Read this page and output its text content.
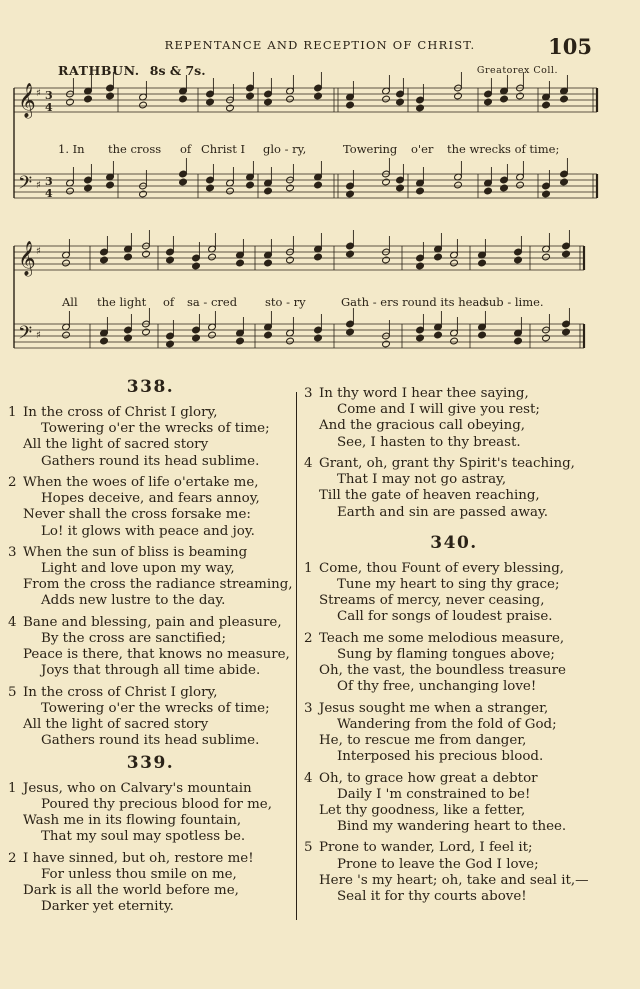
REPENTANCE AND RECEPTION OF CHRIST.	105
RATHBUN. 8s & 7s.	Greatorex Coll.
𝄞
𝄢
♯
♯
3
4
3
4
𝄞
𝄢
♯
♯
1. In the cross of Christ I glo - ry,	Towering o'er the wrecks of time;
All the light of sa - cred sto - ry	Gath - ers round its head
sub - lime.
338.
1 In the cross of Christ I glory,
Towering o'er the wrecks of time;
All the light of sacred story
Gathers round its head sublime.
2 When the woes of life o'ertake me,
Hopes deceive, and fears annoy,
Never shall the cross forsake me:
Lo! it glows with peace and joy.
3 When the sun of bliss is beaming
Light and love upon my way,
From the cross the radiance streaming,
Adds new lustre to the day.
4 Bane and blessing, pain and pleasure,
By the cross are sanctified;
Peace is there, that knows no measure,
Joys that through all time abide.
5 In the cross of Christ I glory,
Towering o'er the wrecks of time;
All the light of sacred story
Gathers round its head sublime.
339.
1 Jesus, who on Calvary's mountain
Poured thy precious blood for me,
Wash me in its flowing fountain,
That my soul may spotless be.
2 I have sinned, but oh, restore me!
For unless thou smile on me,
Dark is all the world before me,
Darker yet eternity.
3 In thy word I hear thee saying,
Come and I will give you rest;
And the gracious call obeying,
See, I hasten to thy breast.
4 Grant, oh, grant thy Spirit's teaching,
That I may not go astray,
Till the gate of heaven reaching,
Earth and sin are passed away.
340.
1 Come, thou Fount of every blessing,
Tune my heart to sing thy grace;
Streams of mercy, never ceasing,
Call for songs of loudest praise.
2 Teach me some melodious measure,
Sung by flaming tongues above;
Oh, the vast, the boundless treasure
Of thy free, unchanging love!
3 Jesus sought me when a stranger,
Wandering from the fold of God;
He, to rescue me from danger,
Interposed his precious blood.
4 Oh, to grace how great a debtor
Daily I 'm constrained to be!
Let thy goodness, like a fetter,
Bind my wandering heart to thee.
5 Prone to wander, Lord, I feel it;
Prone to leave the God I love;
Here 's my heart; oh, take and seal it,—
Seal it for thy courts above!
